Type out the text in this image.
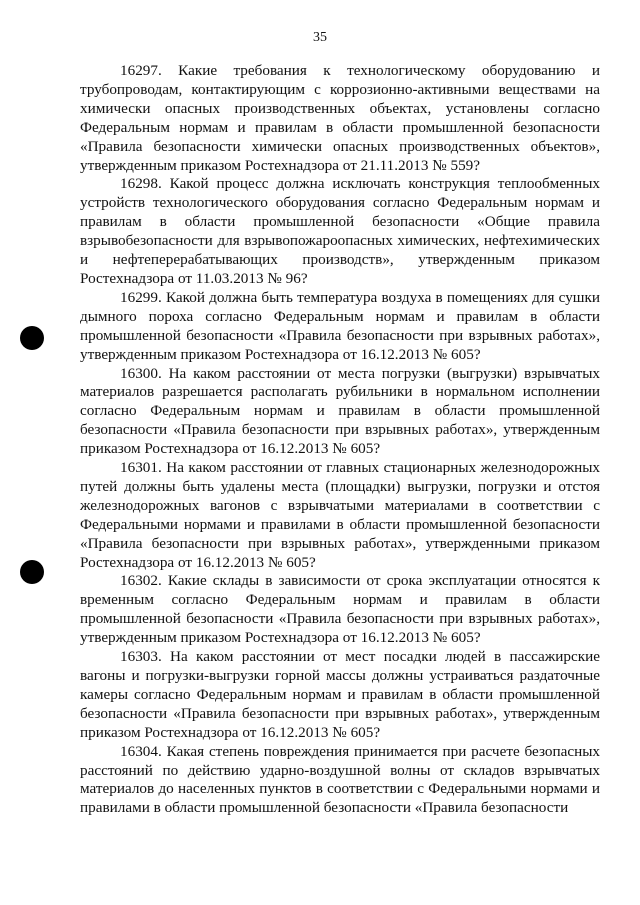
35

16297. Какие требования к технологическому оборудованию и трубопроводам, контактирующим с коррозионно-активными веществами на химически опасных производственных объектах, установлены согласно Федеральным нормам и правилам в области промышленной безопасности «Правила безопасности химически опасных производственных объектов», утвержденным приказом Ростехнадзора от 21.11.2013 № 559?

16298. Какой процесс должна исключать конструкция теплообменных устройств технологического оборудования согласно Федеральным нормам и правилам в области промышленной безопасности «Общие правила взрывобезопасности для взрывопожароопасных химических, нефтехимических и нефтеперерабатывающих производств», утвержденным приказом Ростехнадзора от 11.03.2013 № 96?

16299. Какой должна быть температура воздуха в помещениях для сушки дымного пороха согласно Федеральным нормам и правилам в области промышленной безопасности «Правила безопасности при взрывных работах», утвержденным приказом Ростехнадзора от 16.12.2013 № 605?

16300. На каком расстоянии от места погрузки (выгрузки) взрывчатых материалов разрешается располагать рубильники в нормальном исполнении согласно Федеральным нормам и правилам в области промышленной безопасности «Правила безопасности при взрывных работах», утвержденным приказом Ростехнадзора от 16.12.2013 № 605?

16301. На каком расстоянии от главных стационарных железнодорожных путей должны быть удалены места (площадки) выгрузки, погрузки и отстоя железнодорожных вагонов с взрывчатыми материалами в соответствии с Федеральными нормами и правилами в области промышленной безопасности «Правила безопасности при взрывных работах», утвержденными приказом Ростехнадзора от 16.12.2013 № 605?

16302. Какие склады в зависимости от срока эксплуатации относятся к временным согласно Федеральным нормам и правилам в области промышленной безопасности «Правила безопасности при взрывных работах», утвержденным приказом Ростехнадзора от 16.12.2013 № 605?

16303. На каком расстоянии от мест посадки людей в пассажирские вагоны и погрузки-выгрузки горной массы должны устраиваться раздаточные камеры согласно Федеральным нормам и правилам в области промышленной безопасности «Правила безопасности при взрывных работах», утвержденным приказом Ростехнадзора от 16.12.2013 № 605?

16304. Какая степень повреждения принимается при расчете безопасных расстояний по действию ударно-воздушной волны от складов взрывчатых материалов до населенных пунктов в соответствии с Федеральными нормами и правилами в области промышленной безопасности «Правила безопасности
